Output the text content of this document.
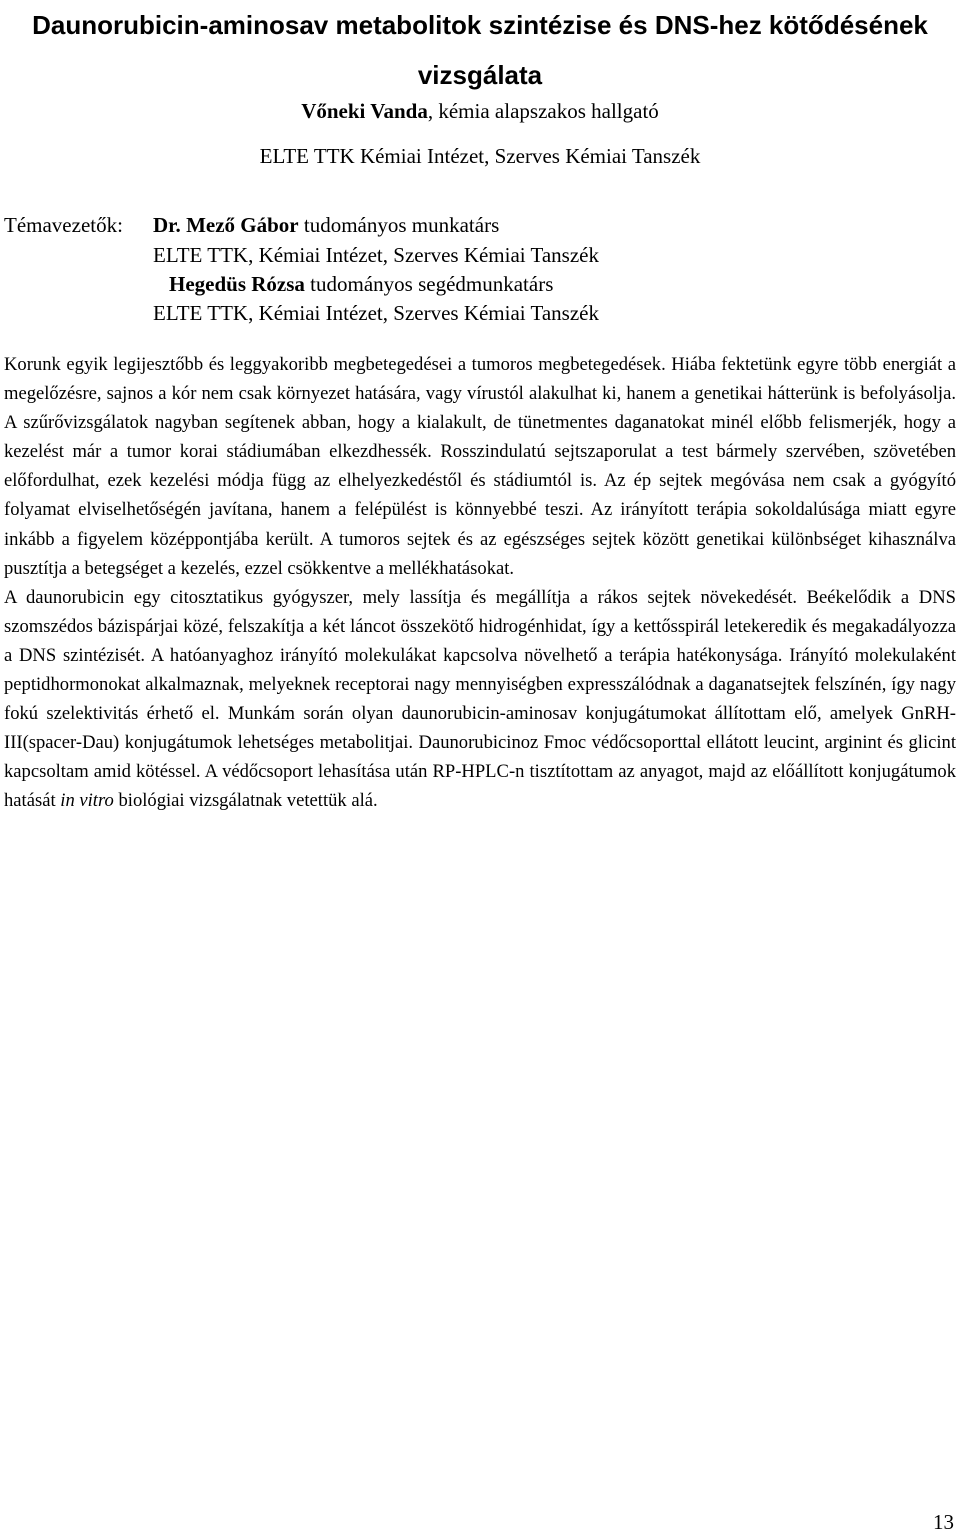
Daunorubicin-aminosav metabolitok szintézise és DNS-hez kötődésének
vizsgálata
Vőneki Vanda, kémia alapszakos hallgató
ELTE TTK Kémiai Intézet, Szerves Kémiai Tanszék
Témavezetők: Dr. Mező Gábor tudományos munkatárs
ELTE TTK, Kémiai Intézet, Szerves Kémiai Tanszék
Hegedüs Rózsa tudományos segédmunkatárs
ELTE TTK, Kémiai Intézet, Szerves Kémiai Tanszék

Korunk egyik legijesztőbb és leggyakoribb megbetegedései a tumoros megbetegedések. Hiába fektetünk egyre több energiát a megelőzésre, sajnos a kór nem csak környezet hatására, vagy vírustól alakulhat ki, hanem a genetikai hátterünk is befolyásolja. A szűrővizsgálatok nagyban segítenek abban, hogy a kialakult, de tünetmentes daganatokat minél előbb felismerjék, hogy a kezelést már a tumor korai stádiumában elkezdhessék. Rosszindulatú sejtszaporulat a test bármely szervében, szövetében előfordulhat, ezek kezelési módja függ az elhelyezkedéstől és stádiumtól is. Az ép sejtek megóvása nem csak a gyógyító folyamat elviselhetőségén javítana, hanem a felépülést is könnyebbé teszi. Az irányított terápia sokoldalúsága miatt egyre inkább a figyelem középpontjába került. A tumoros sejtek és az egészséges sejtek között genetikai különbséget kihasználva pusztítja a betegséget a kezelés, ezzel csökkentve a mellékhatásokat.

A daunorubicin egy citosztatikus gyógyszer, mely lassítja és megállítja a rákos sejtek növekedését. Beékelődik a DNS szomszédos bázispárjai közé, felszakítja a két láncot összekötő hidrogénhidat, így a kettősspirál letekeredik és megakadályozza a DNS szintézisét. A hatóanyaghoz irányító molekulákat kapcsolva növelhető a terápia hatékonysága. Irányító molekulaként peptidhormonokat alkalmaznak, melyeknek receptorai nagy mennyiségben expresszálódnak a daganatsejtek felszínén, így nagy fokú szelektivitás érhető el. Munkám során olyan daunorubicin-aminosav konjugátumokat állítottam elő, amelyek GnRH-III(spacer-Dau) konjugátumok lehetséges metabolitjai. Daunorubicinoz Fmoc védőcsoporttal ellátott leucint, arginint és glicint kapcsoltam amid kötéssel. A védőcsoport lehasítása után RP-HPLC-n tisztítottam az anyagot, majd az előállított konjugátumok hatását in vitro biológiai vizsgálatnak vetettük alá.

13
